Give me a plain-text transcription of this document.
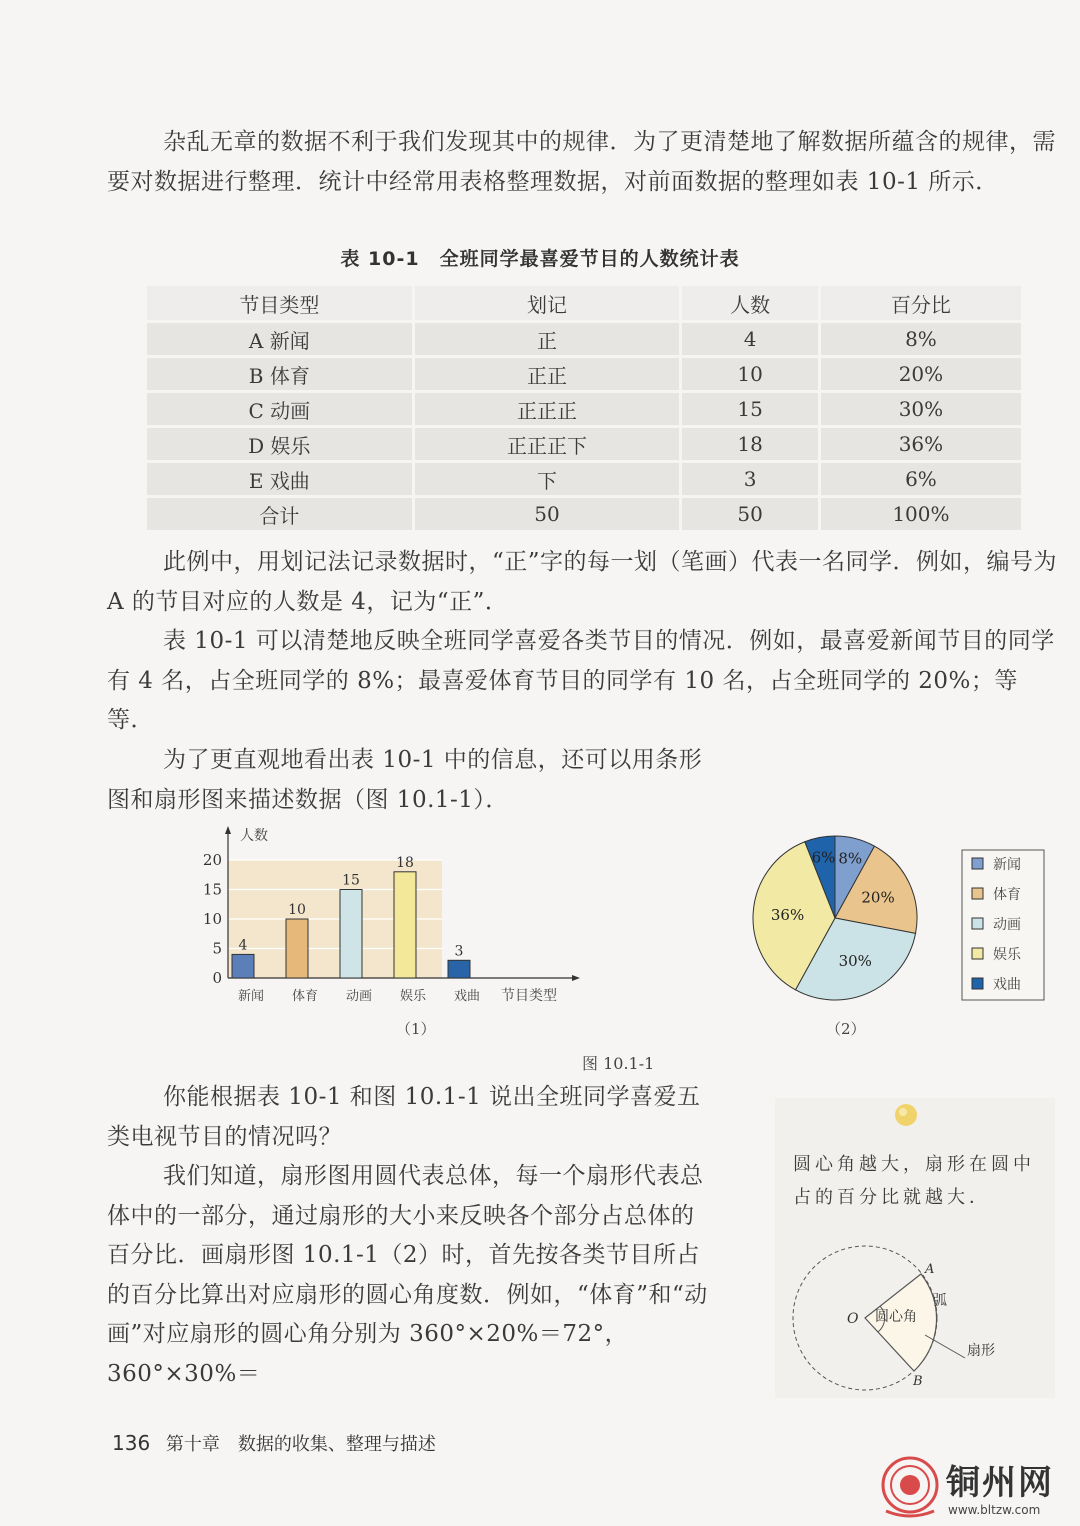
杂乱无章的数据不利于我们发现其中的规律．为了更清楚地了解数据所蕴含的规律，需要对数据进行整理．统计中经常用表格整理数据，对前面数据的整理如表 10-1 所示．

表 10-1　全班同学最喜爱节目的人数统计表
节目类型	划记	人数	百分比
A 新闻	正	4	8%
B 体育	正正	10	20%
C 动画	正正正	15	30%
D 娱乐	正正正下	18	36%
E 戏曲	下	3	6%
合计	50	50	100%

此例中，用划记法记录数据时，“正”字的每一划（笔画）代表一名同学．例如，编号为 A 的节目对应的人数是 4，记为“正”．

表 10-1 可以清楚地反映全班同学喜爱各类节目的情况．例如，最喜爱新闻节目的同学有 4 名，占全班同学的 8%；最喜爱体育节目的同学有 10 名，占全班同学的 20%；等等．

为了更直观地看出表 10-1 中的信息，还可以用条形图和扇形图来描述数据（图 10.1-1）．

人数
节目类型
0
5
10
15
20
4
新闻
10
体育
15
动画
18
娱乐
3
戏曲
（1）
8%
20%
30%
36%
6%	新闻
体育
动画
娱乐
戏曲
（2）
图 10.1-1

你能根据表 10-1 和图 10.1-1 说出全班同学喜爱五类电视节目的情况吗？

我们知道，扇形图用圆代表总体，每一个扇形代表总体中的一部分，通过扇形的大小来反映各个部分占总体的百分比．画扇形图 10.1-1（2）时，首先按各类节目所占的百分比算出对应扇形的圆心角度数．例如，“体育”和“动画”对应扇形的圆心角分别为 360°×20%＝72°，360°×30%＝

圆心角越大，扇形在圆中占的百分比就越大．
A
B
O 圆心角
弧
扇形
136 第十章　数据的收集、整理与描述
铜州网
www.bltzw.com
